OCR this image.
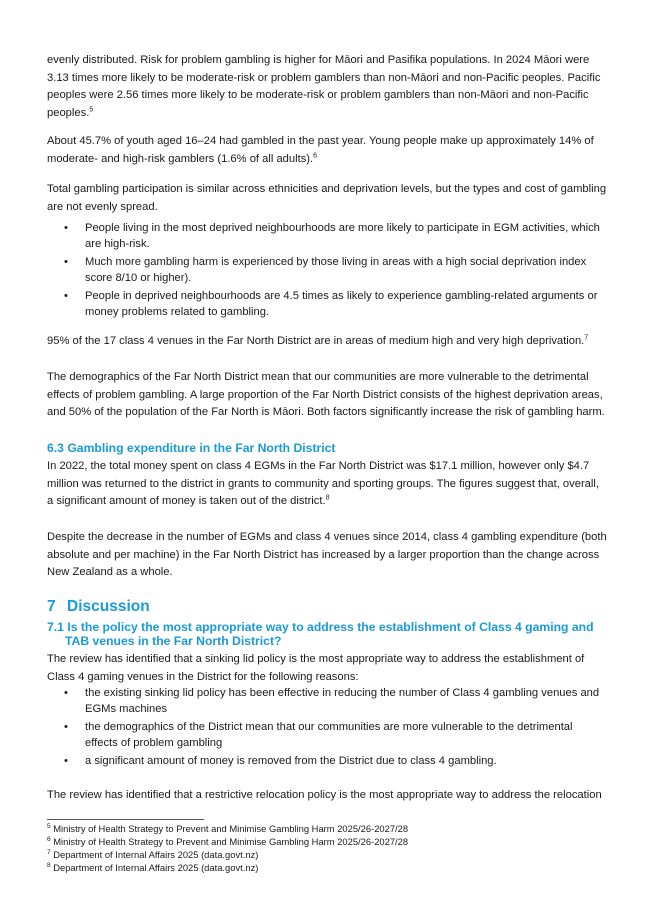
evenly distributed. Risk for problem gambling is higher for Māori and Pasifika populations. In 2024 Māori were 3.13 times more likely to be moderate-risk or problem gamblers than non-Māori and non-Pacific peoples. Pacific peoples were 2.56 times more likely to be moderate-risk or problem gamblers than non-Māori and non-Pacific peoples.$^5$

About 45.7% of youth aged 16–24 had gambled in the past year. Young people make up approximately 14% of moderate- and high-risk gamblers (1.6% of all adults).$^6$

Total gambling participation is similar across ethnicities and deprivation levels, but the types and cost of gambling are not evenly spread.

• People living in the most deprived neighbourhoods are more likely to participate in EGM activities, which are high-risk.
• Much more gambling harm is experienced by those living in areas with a high social deprivation index score 8/10 or higher).
• People in deprived neighbourhoods are 4.5 times as likely to experience gambling-related arguments or money problems related to gambling.

95% of the 17 class 4 venues in the Far North District are in areas of medium high and very high deprivation.$^7$

The demographics of the Far North District mean that our communities are more vulnerable to the detrimental effects of problem gambling. A large proportion of the Far North District consists of the highest deprivation areas, and 50% of the population of the Far North is Māori. Both factors significantly increase the risk of gambling harm.

6.3 Gambling expenditure in the Far North District

In 2022, the total money spent on class 4 EGMs in the Far North District was $17.1 million, however only $4.7 million was returned to the district in grants to community and sporting groups. The figures suggest that, overall, a significant amount of money is taken out of the district.$^8$

Despite the decrease in the number of EGMs and class 4 venues since 2014, class 4 gambling expenditure (both absolute and per machine) in the Far North District has increased by a larger proportion than the change across New Zealand as a whole.

7 Discussion
7.1 Is the policy the most appropriate way to address the establishment of Class 4 gaming and TAB venues in the Far North District?

The review has identified that a sinking lid policy is the most appropriate way to address the establishment of Class 4 gaming venues in the District for the following reasons:

• the existing sinking lid policy has been effective in reducing the number of Class 4 gambling venues and EGMs machines
• the demographics of the District mean that our communities are more vulnerable to the detrimental effects of problem gambling
• a significant amount of money is removed from the District due to class 4 gambling.

The review has identified that a restrictive relocation policy is the most appropriate way to address the relocation

$^5$ Ministry of Health Strategy to Prevent and Minimise Gambling Harm 2025/26-2027/28

$^6$ Ministry of Health Strategy to Prevent and Minimise Gambling Harm 2025/26-2027/28

$^7$ Department of Internal Affairs 2025 (data.govt.nz)

$^8$ Department of Internal Affairs 2025 (data.govt.nz)
